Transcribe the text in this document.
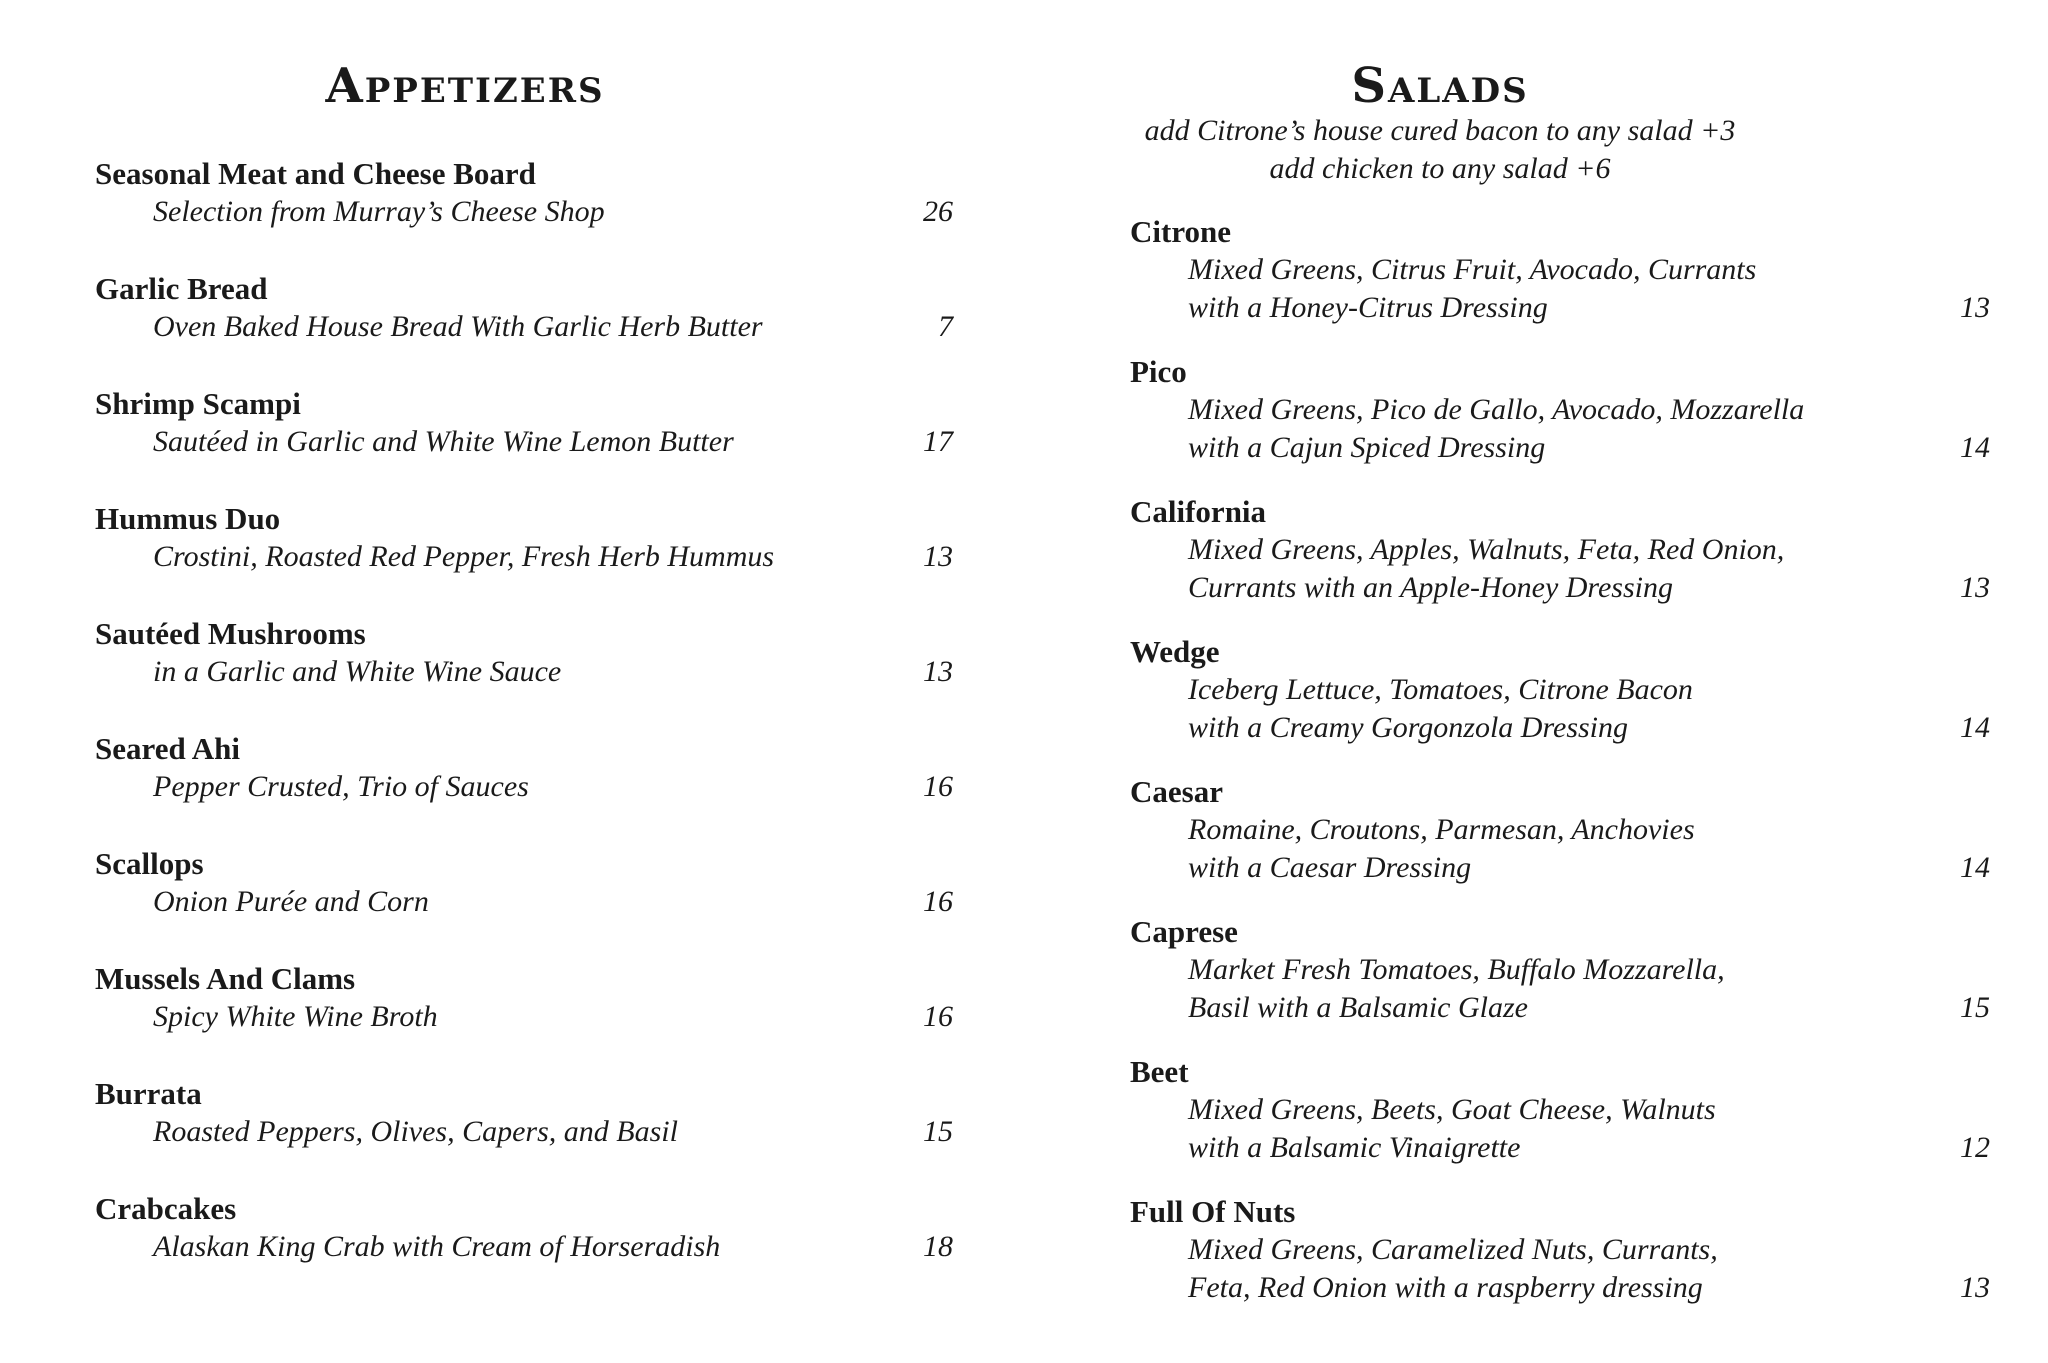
Appetizers
Seasonal Meat and Cheese Board
Selection from Murray’s Cheese Shop	26
Garlic Bread
Oven Baked House Bread With Garlic Herb Butter	7
Shrimp Scampi
Sautéed in Garlic and White Wine Lemon Butter	17
Hummus Duo
Crostini, Roasted Red Pepper, Fresh Herb Hummus	13
Sautéed Mushrooms
in a Garlic and White Wine Sauce	13
Seared Ahi
Pepper Crusted, Trio of Sauces	16
Scallops
Onion Purée and Corn	16
Mussels And Clams
Spicy White Wine Broth	16
Burrata
Roasted Peppers, Olives, Capers, and Basil	15
Crabcakes
Alaskan King Crab with Cream of Horseradish	18
Salads
add Citrone’s house cured bacon to any salad +3
add chicken to any salad +6
Citrone
Mixed Greens, Citrus Fruit, Avocado, Currants
with a Honey-Citrus Dressing	13
Pico
Mixed Greens, Pico de Gallo, Avocado, Mozzarella
with a Cajun Spiced Dressing	14
California
Mixed Greens, Apples, Walnuts, Feta, Red Onion,
Currants with an Apple-Honey Dressing	13
Wedge
Iceberg Lettuce, Tomatoes, Citrone Bacon
with a Creamy Gorgonzola Dressing	14
Caesar
Romaine, Croutons, Parmesan, Anchovies
with a Caesar Dressing	14
Caprese
Market Fresh Tomatoes, Buffalo Mozzarella,
Basil with a Balsamic Glaze	15
Beet
Mixed Greens, Beets, Goat Cheese, Walnuts
with a Balsamic Vinaigrette	12
Full Of Nuts
Mixed Greens, Caramelized Nuts, Currants,
Feta, Red Onion with a raspberry dressing	13
